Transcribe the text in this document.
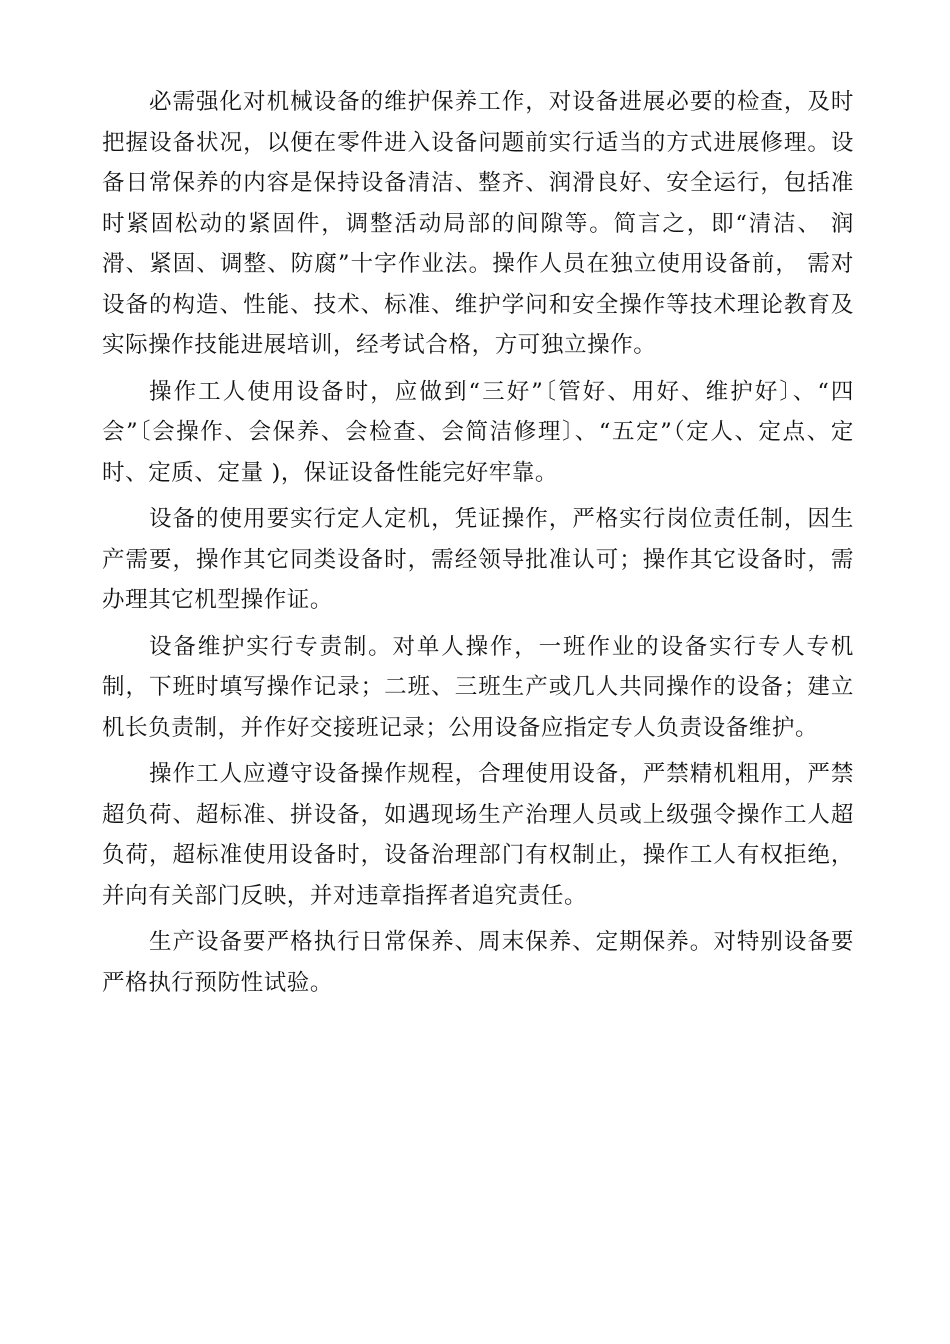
必需强化对机械设备的维护保养工作，对设备进展必要的检查，及时把握设备状况，以便在零件进入设备问题前实行适当的方式进展修理。设备日常保养的内容是保持设备清洁、整齐、润滑良好、安全运行，包括准时紧固松动的紧固件，调整活动局部的间隙等。简言之，即“清洁、 润滑、紧固、调整、防腐”十字作业法。操作人员在独立使用设备前， 需对设备的构造、性能、技术、标准、维护学问和安全操作等技术理论教育及实际操作技能进展培训，经考试合格，方可独立操作。

操作工人使用设备时，应做到“三好”〔管好、用好、维护好〕、“四会”〔会操作、会保养、会检查、会简洁修理〕、“五定”（定人、定点、定时、定质、定量 )，保证设备性能完好牢靠。

设备的使用要实行定人定机，凭证操作，严格实行岗位责任制，因生产需要，操作其它同类设备时，需经领导批准认可；操作其它设备时，需办理其它机型操作证。

设备维护实行专责制。对单人操作，一班作业的设备实行专人专机制，下班时填写操作记录；二班、三班生产或几人共同操作的设备；建立机长负责制，并作好交接班记录；公用设备应指定专人负责设备维护。

操作工人应遵守设备操作规程，合理使用设备，严禁精机粗用，严禁超负荷、超标准、拼设备，如遇现场生产治理人员或上级强令操作工人超负荷，超标准使用设备时，设备治理部门有权制止，操作工人有权拒绝，并向有关部门反映，并对违章指挥者追究责任。

生产设备要严格执行日常保养、周末保养、定期保养。对特别设备要严格执行预防性试验。
